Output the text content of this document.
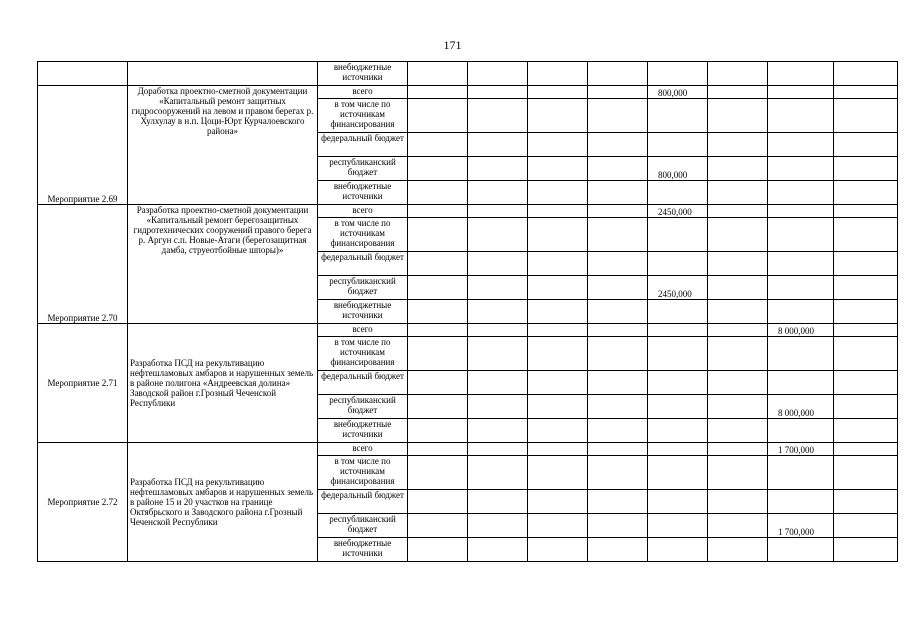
171
		внебюджетные источники								
Мероприятие 2.69	Доработка проектно-сметной документации «Капитальный ремонт защитных гидросооружений на левом и правом берегах р. Хулхулау в н.п. Цоци-Юрт Курчалоевского района»	всего					800,000			
		в том числе по источникам финансирования								
		федеральный бюджет								
		республиканский бюджет					800,000			
		внебюджетные источники								
Мероприятие 2.70	Разработка проектно-сметной документации «Капитальный ремонт берегозащитных гидротехнических сооружений правого берега р. Аргун с.п. Новые-Атаги (берегозащитная дамба, струеотбойные шпоры)»	всего					2450,000			
		в том числе по источникам финансирования								
		федеральный бюджет								
		республиканский бюджет					2450,000			
		внебюджетные источники								
Мероприятие 2.71	Разработка ПСД на рекультивацию нефтешламовых амбаров и нарушенных земель в районе полигона «Андреевская долина» Заводской район г.Грозный Чеченской Республики	всего							8 000,000	
		в том числе по источникам финансирования								
		федеральный бюджет								
		республиканский бюджет							8 000,000	
		внебюджетные источники								
Мероприятие 2.72	Разработка ПСД на рекультивацию нефтешламовых амбаров и нарушенных земель в районе 15 и 20 участков на границе Октябрьского и Заводского района г.Грозный Чеченской Республики	всего							1 700,000	
		в том числе по источникам финансирования								
		федеральный бюджет								
		республиканский бюджет							1 700,000	
		внебюджетные источники								
